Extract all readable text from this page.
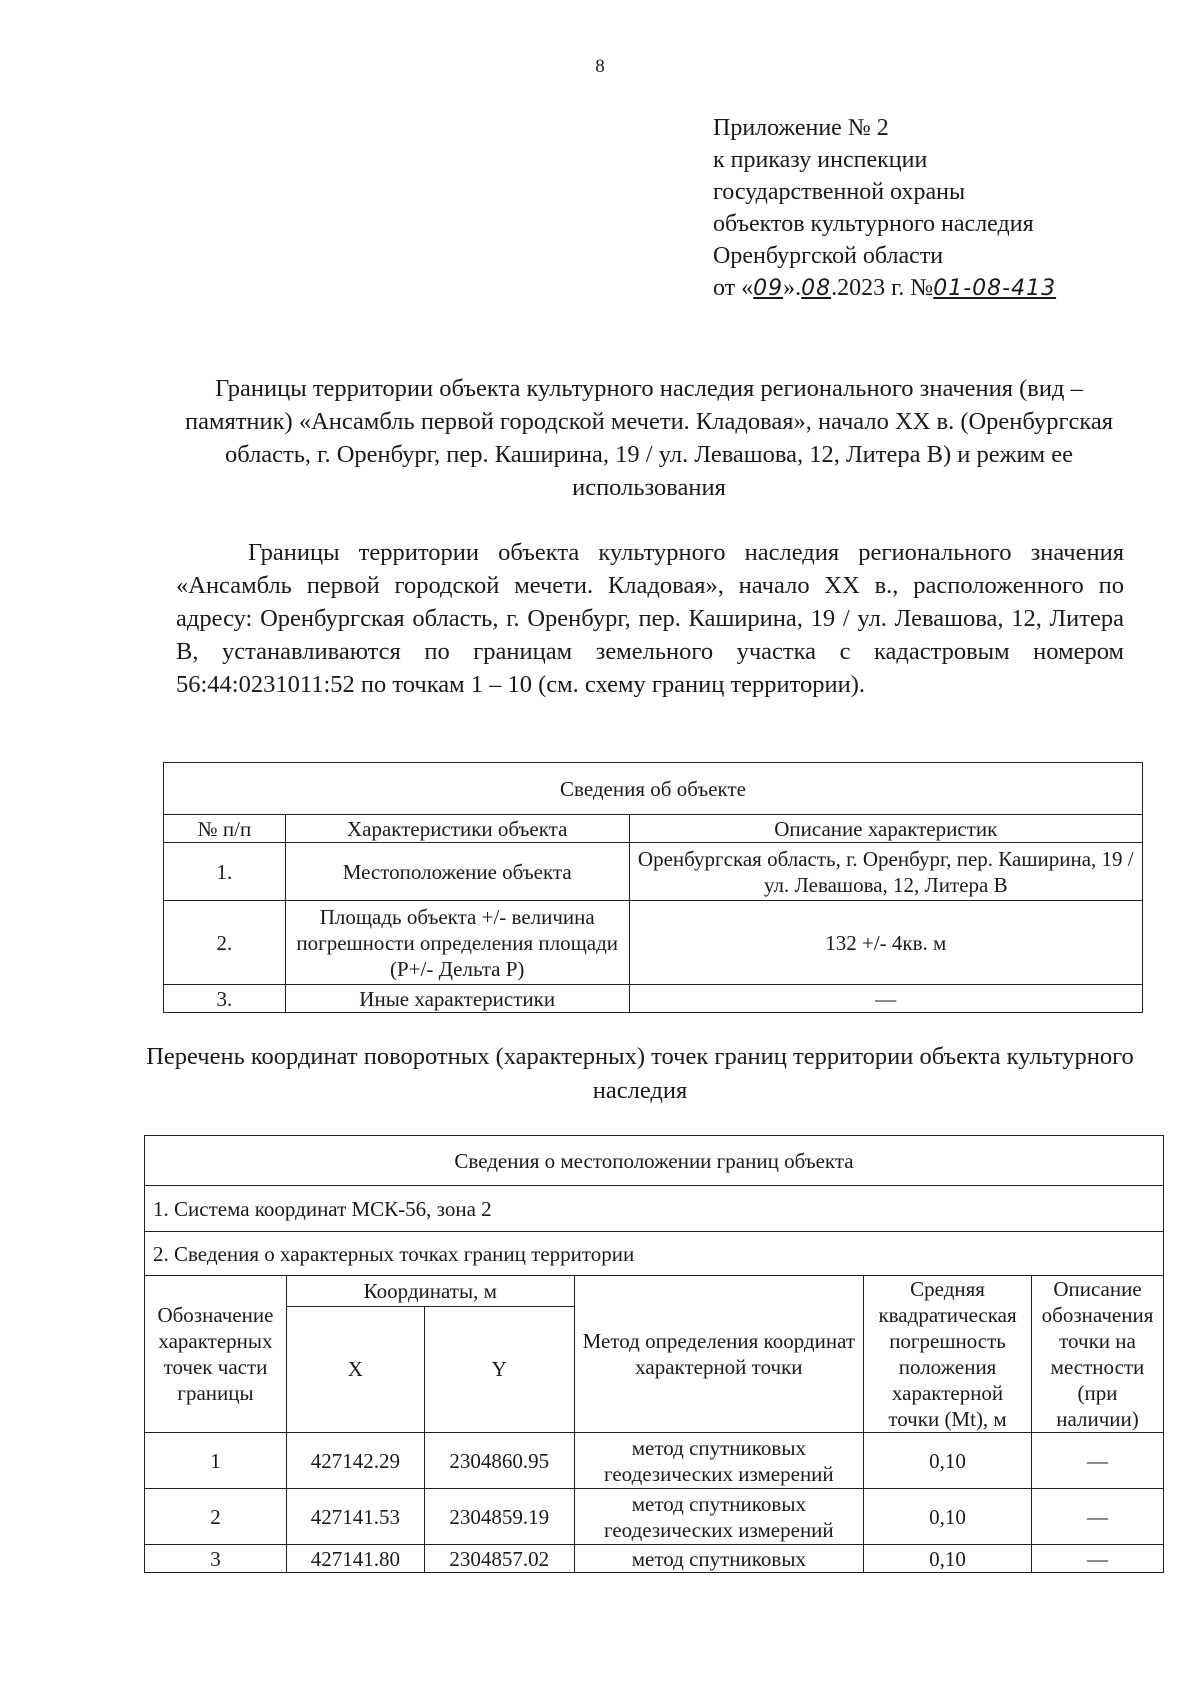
8
Приложение № 2
к приказу инспекции
государственной охраны
объектов культурного наследия
Оренбургской области
от «09».08.2023 г. №01-08-413
Границы территории объекта культурного наследия регионального значения (вид – памятник) «Ансамбль первой городской мечети. Кладовая», начало XX в. (Оренбургская область, г. Оренбург, пер. Каширина, 19 / ул. Левашова, 12, Литера В) и режим ее использования
Границы территории объекта культурного наследия регионального значения «Ансамбль первой городской мечети. Кладовая», начало XX в., расположенного по адресу: Оренбургская область, г. Оренбург, пер. Каширина, 19 / ул. Левашова, 12, Литера В, устанавливаются по границам земельного участка с кадастровым номером 56:44:0231011:52 по точкам 1 – 10 (см. схему границ территории).
Сведения об объекте		
№ п/п	Характеристики объекта	Описание характеристик
1.	Местоположение объекта	Оренбургская область, г. Оренбург, пер. Каширина, 19 / ул. Левашова, 12, Литера В
2.	Площадь объекта +/- величина погрешности определения площади (Р+/- Дельта Р)	132 +/- 4кв. м
3.	Иные характеристики	—
Перечень координат поворотных (характерных) точек границ территории объекта культурного наследия
Сведения о местоположении границ объекта					
1. Система координат МСК-56, зона 2					
2. Сведения о характерных точках границ территории					
Обозначение характерных точек части границы	Координаты, м		Метод определения координат характерной точки	Средняя квадратическая погрешность положения характерной точки (Mt), м	Описание обозначения точки на местности (при наличии)
	X	Y			
1	427142.29	2304860.95	метод спутниковых геодезических измерений	0,10	—
2	427141.53	2304859.19	метод спутниковых геодезических измерений	0,10	—
3	427141.80	2304857.02	метод спутниковых	0,10	—
